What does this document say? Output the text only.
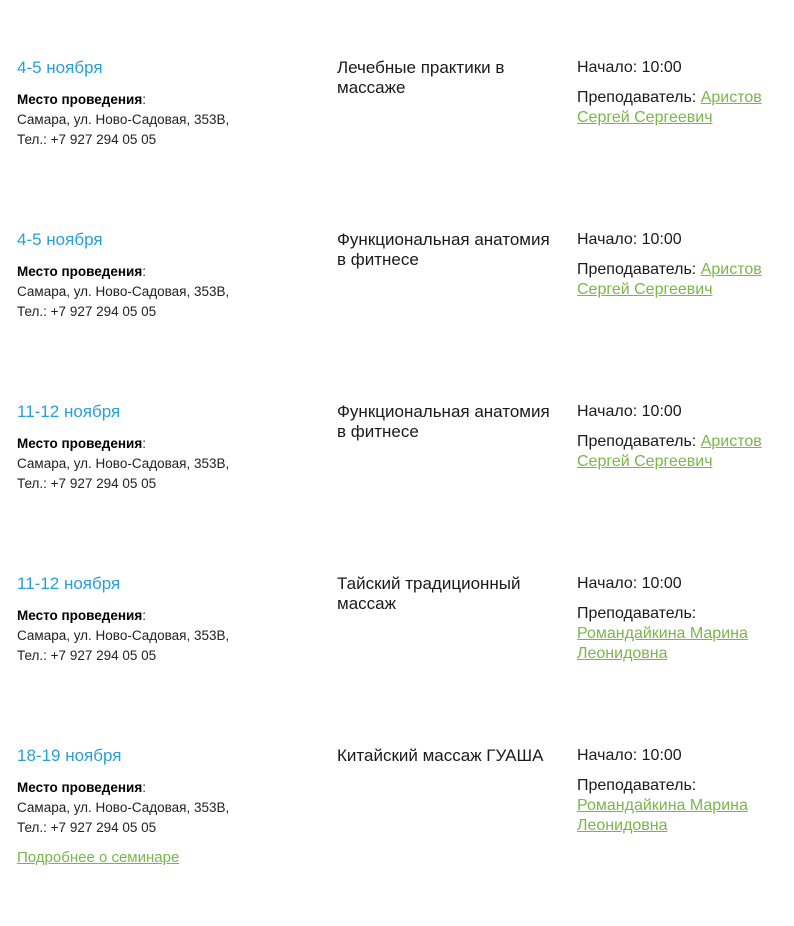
4-5 ноября
Место проведения:
Самара, ул. Ново-Садовая, 353В,
Тел.: +7 927 294 05 05
Лечебные практики в массаже
Начало: 10:00
Преподаватель: Аристов Сергей Сергеевич
4-5 ноября
Место проведения:
Самара, ул. Ново-Садовая, 353В,
Тел.: +7 927 294 05 05
Функциональная анатомия в фитнесе
Начало: 10:00
Преподаватель: Аристов Сергей Сергеевич
11-12 ноября
Место проведения:
Самара, ул. Ново-Садовая, 353В,
Тел.: +7 927 294 05 05
Функциональная анатомия в фитнесе
Начало: 10:00
Преподаватель: Аристов Сергей Сергеевич
11-12 ноября
Место проведения:
Самара, ул. Ново-Садовая, 353В,
Тел.: +7 927 294 05 05
Тайский традиционный массаж
Начало: 10:00
Преподаватель:
Романдайкина Марина Леонидовна
18-19 ноября
Место проведения:
Самара, ул. Ново-Садовая, 353В,
Тел.: +7 927 294 05 05
Подробнее о семинаре
Китайский массаж ГУАША	Начало: 10:00
Преподаватель:
Романдайкина Марина Леонидовна
